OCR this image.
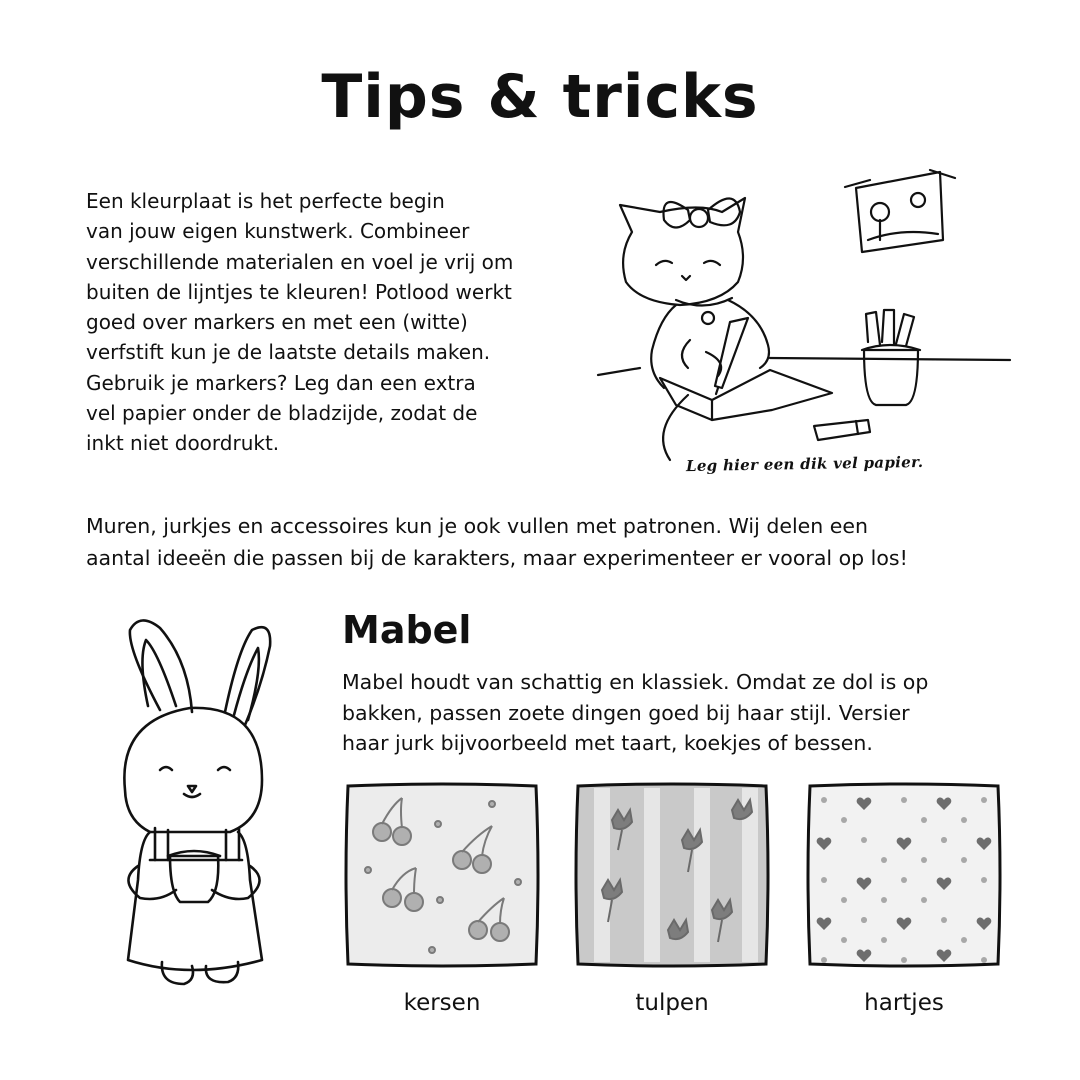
Tips & tricks

Een kleurplaat is het perfecte begin
van jouw eigen kunstwerk. Combineer
verschillende materialen en voel je vrij om
buiten de lijntjes te kleuren! Potlood werkt
goed over markers en met een (witte)
verfstift kun je de laatste details maken.
Gebruik je markers? Leg dan een extra
vel papier onder de bladzijde, zodat de
inkt niet doordrukt.

Leg hier een dik vel papier.

Muren, jurkjes en accessoires kun je ook vullen met patronen. Wij delen een
aantal ideeën die passen bij de karakters, maar experimenteer er vooral op los!

Mabel

Mabel houdt van schattig en klassiek. Omdat ze dol is op
bakken, passen zoete dingen goed bij haar stijl. Versier
haar jurk bijvoorbeeld met taart, koekjes of bessen.

kersen	tulpen	hartjes
